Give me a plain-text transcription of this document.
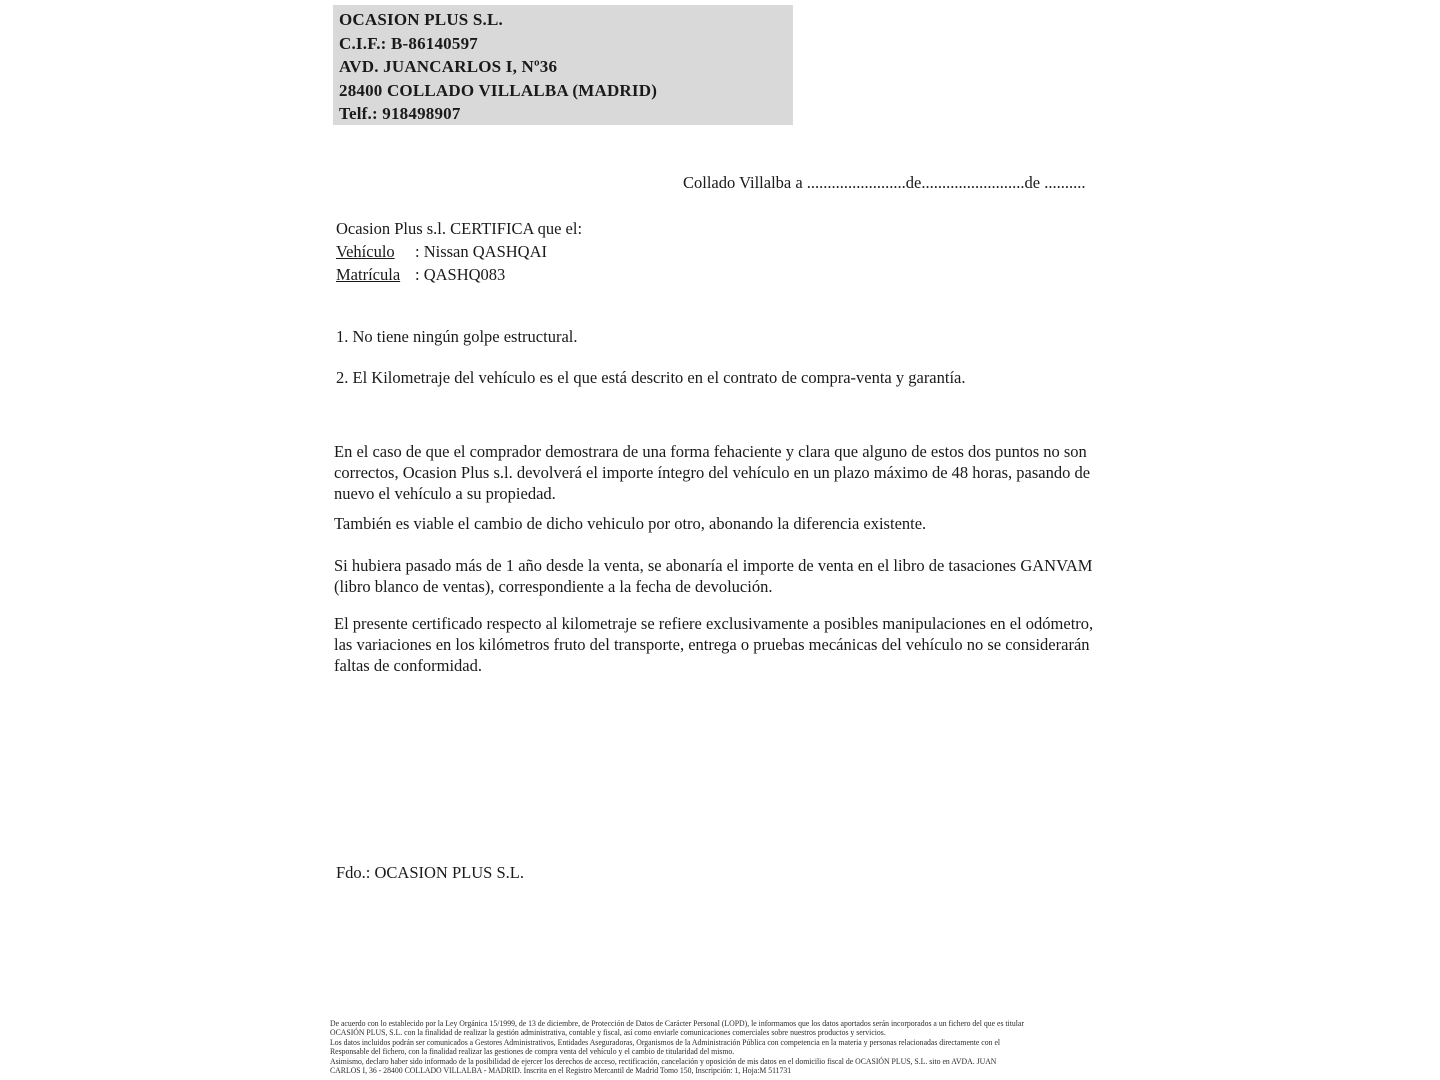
OCASION PLUS S.L.
C.I.F.: B-86140597
AVD. JUANCARLOS I, Nº36
28400 COLLADO VILLALBA (MADRID)
Telf.: 918498907
Collado Villalba a ........................de.........................de ..........
Ocasion Plus s.l. CERTIFICA que el:
Vehículo : Nissan QASHQAI
Matrícula : QASHQ083

1. No tiene ningún golpe estructural.

2. El Kilometraje del vehículo es el que está descrito en el contrato de compra-venta y garantía.

En el caso de que el comprador demostrara de una forma fehaciente y clara que alguno de estos dos puntos no son correctos, Ocasion Plus s.l. devolverá el importe íntegro del vehículo en un plazo máximo de 48 horas, pasando de nuevo el vehículo a su propiedad.

También es viable el cambio de dicho vehiculo por otro, abonando la diferencia existente.

Si hubiera pasado más de 1 año desde la venta, se abonaría el importe de venta en el libro de tasaciones GANVAM (libro blanco de ventas), correspondiente a la fecha de devolución.

El presente certificado respecto al kilometraje se refiere exclusivamente a posibles manipulaciones en el odómetro, las variaciones en los kilómetros fruto del transporte, entrega o pruebas mecánicas del vehículo no se considerarán faltas de conformidad.

Fdo.: OCASION PLUS S.L.
De acuerdo con lo establecido por la Ley Orgánica 15/1999, de 13 de diciembre, de Protección de Datos de Carácter Personal (LOPD), le informamos que los datos aportados serán incorporados a un fichero del que es titular
OCASIÓN PLUS, S.L. con la finalidad de realizar la gestión administrativa, contable y fiscal, así como enviarle comunicaciones comerciales sobre nuestros productos y servicios.
Los datos incluidos podrán ser comunicados a Gestores Administrativos, Entidades Aseguradoras, Organismos de la Administración Pública con competencia en la materia y personas relacionadas directamente con el
Responsable del fichero, con la finalidad realizar las gestiones de compra venta del vehículo y el cambio de titularidad del mismo.
Asimismo, declaro haber sido informado de la posibilidad de ejercer los derechos de acceso, rectificación, cancelación y oposición de mis datos en el domicilio fiscal de OCASIÓN PLUS, S.L. sito en AVDA. JUAN
CARLOS I, 36 - 28400 COLLADO VILLALBA - MADRID. Inscrita en el Registro Mercantil de Madrid Tomo 150, Inscripción: 1, Hoja:M 511731
